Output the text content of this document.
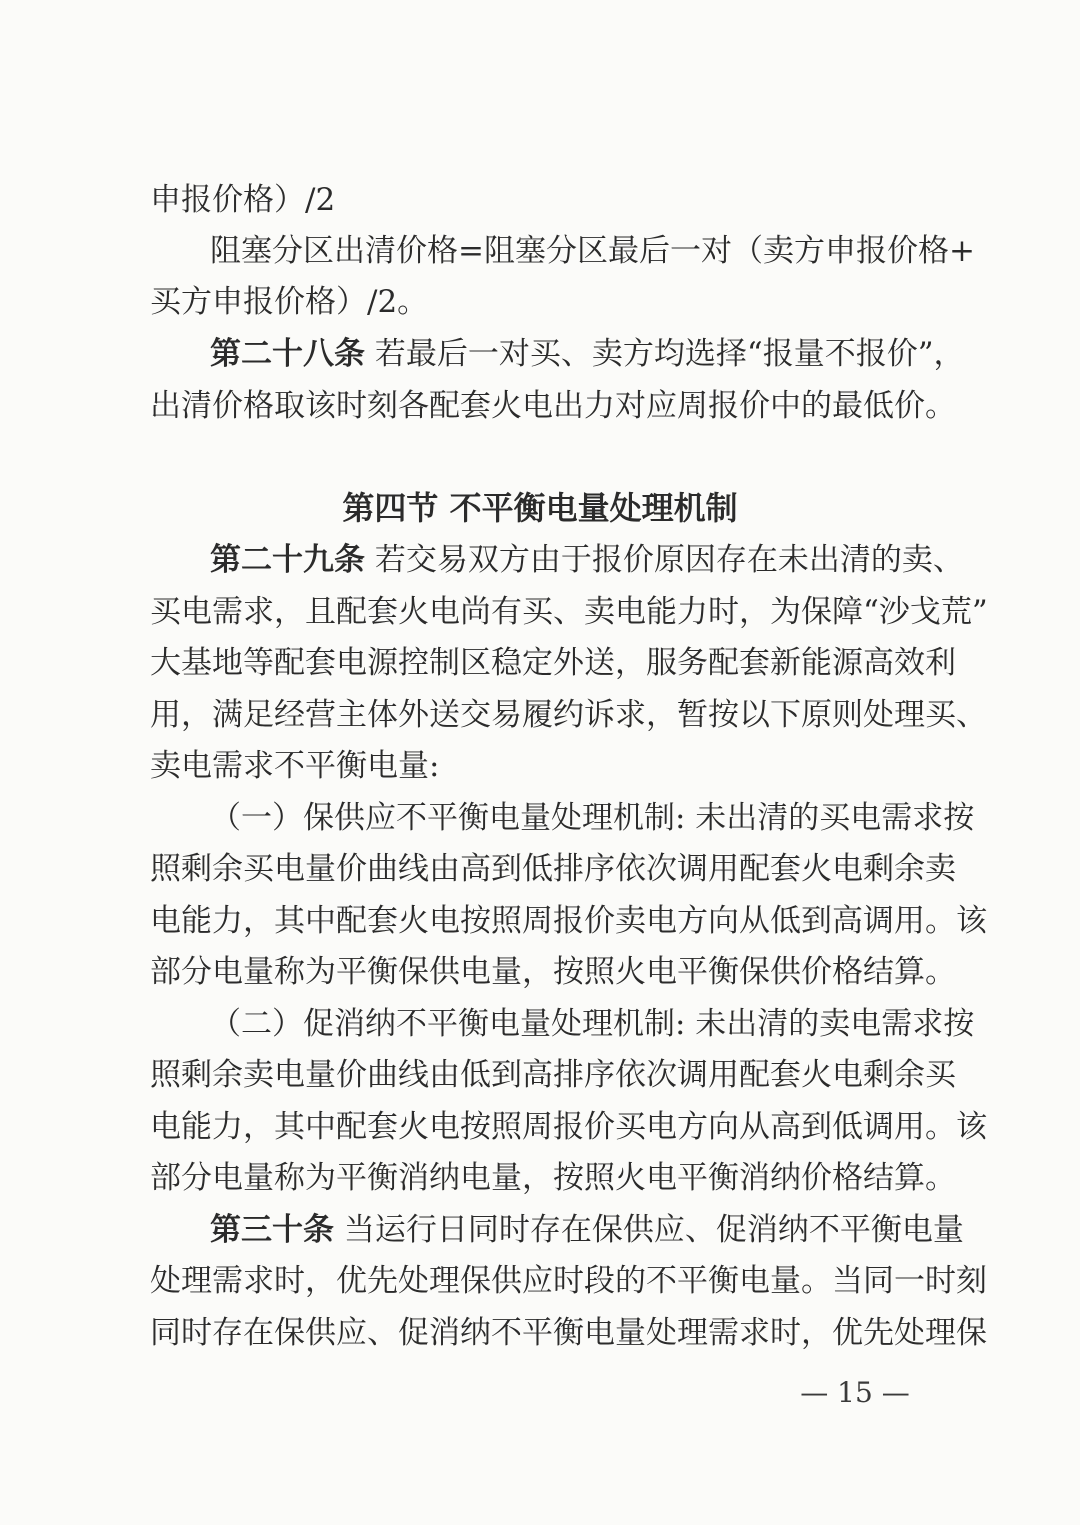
申报价格）/2
阻塞分区出清价格=阻塞分区最后一对（卖方申报价格+
买方申报价格）/2。
第二十八条 若最后一对买、卖方均选择“报量不报价”，
出清价格取该时刻各配套火电出力对应周报价中的最低价。
第四节 不平衡电量处理机制
第二十九条 若交易双方由于报价原因存在未出清的卖、
买电需求，且配套火电尚有买、卖电能力时，为保障“沙戈荒”
大基地等配套电源控制区稳定外送，服务配套新能源高效利
用，满足经营主体外送交易履约诉求，暂按以下原则处理买、
卖电需求不平衡电量:
（一）保供应不平衡电量处理机制: 未出清的买电需求按
照剩余买电量价曲线由高到低排序依次调用配套火电剩余卖
电能力，其中配套火电按照周报价卖电方向从低到高调用。该
部分电量称为平衡保供电量，按照火电平衡保供价格结算。
（二）促消纳不平衡电量处理机制: 未出清的卖电需求按
照剩余卖电量价曲线由低到高排序依次调用配套火电剩余买
电能力，其中配套火电按照周报价买电方向从高到低调用。该
部分电量称为平衡消纳电量，按照火电平衡消纳价格结算。
第三十条 当运行日同时存在保供应、促消纳不平衡电量
处理需求时，优先处理保供应时段的不平衡电量。当同一时刻
同时存在保供应、促消纳不平衡电量处理需求时，优先处理保
— 15 —
